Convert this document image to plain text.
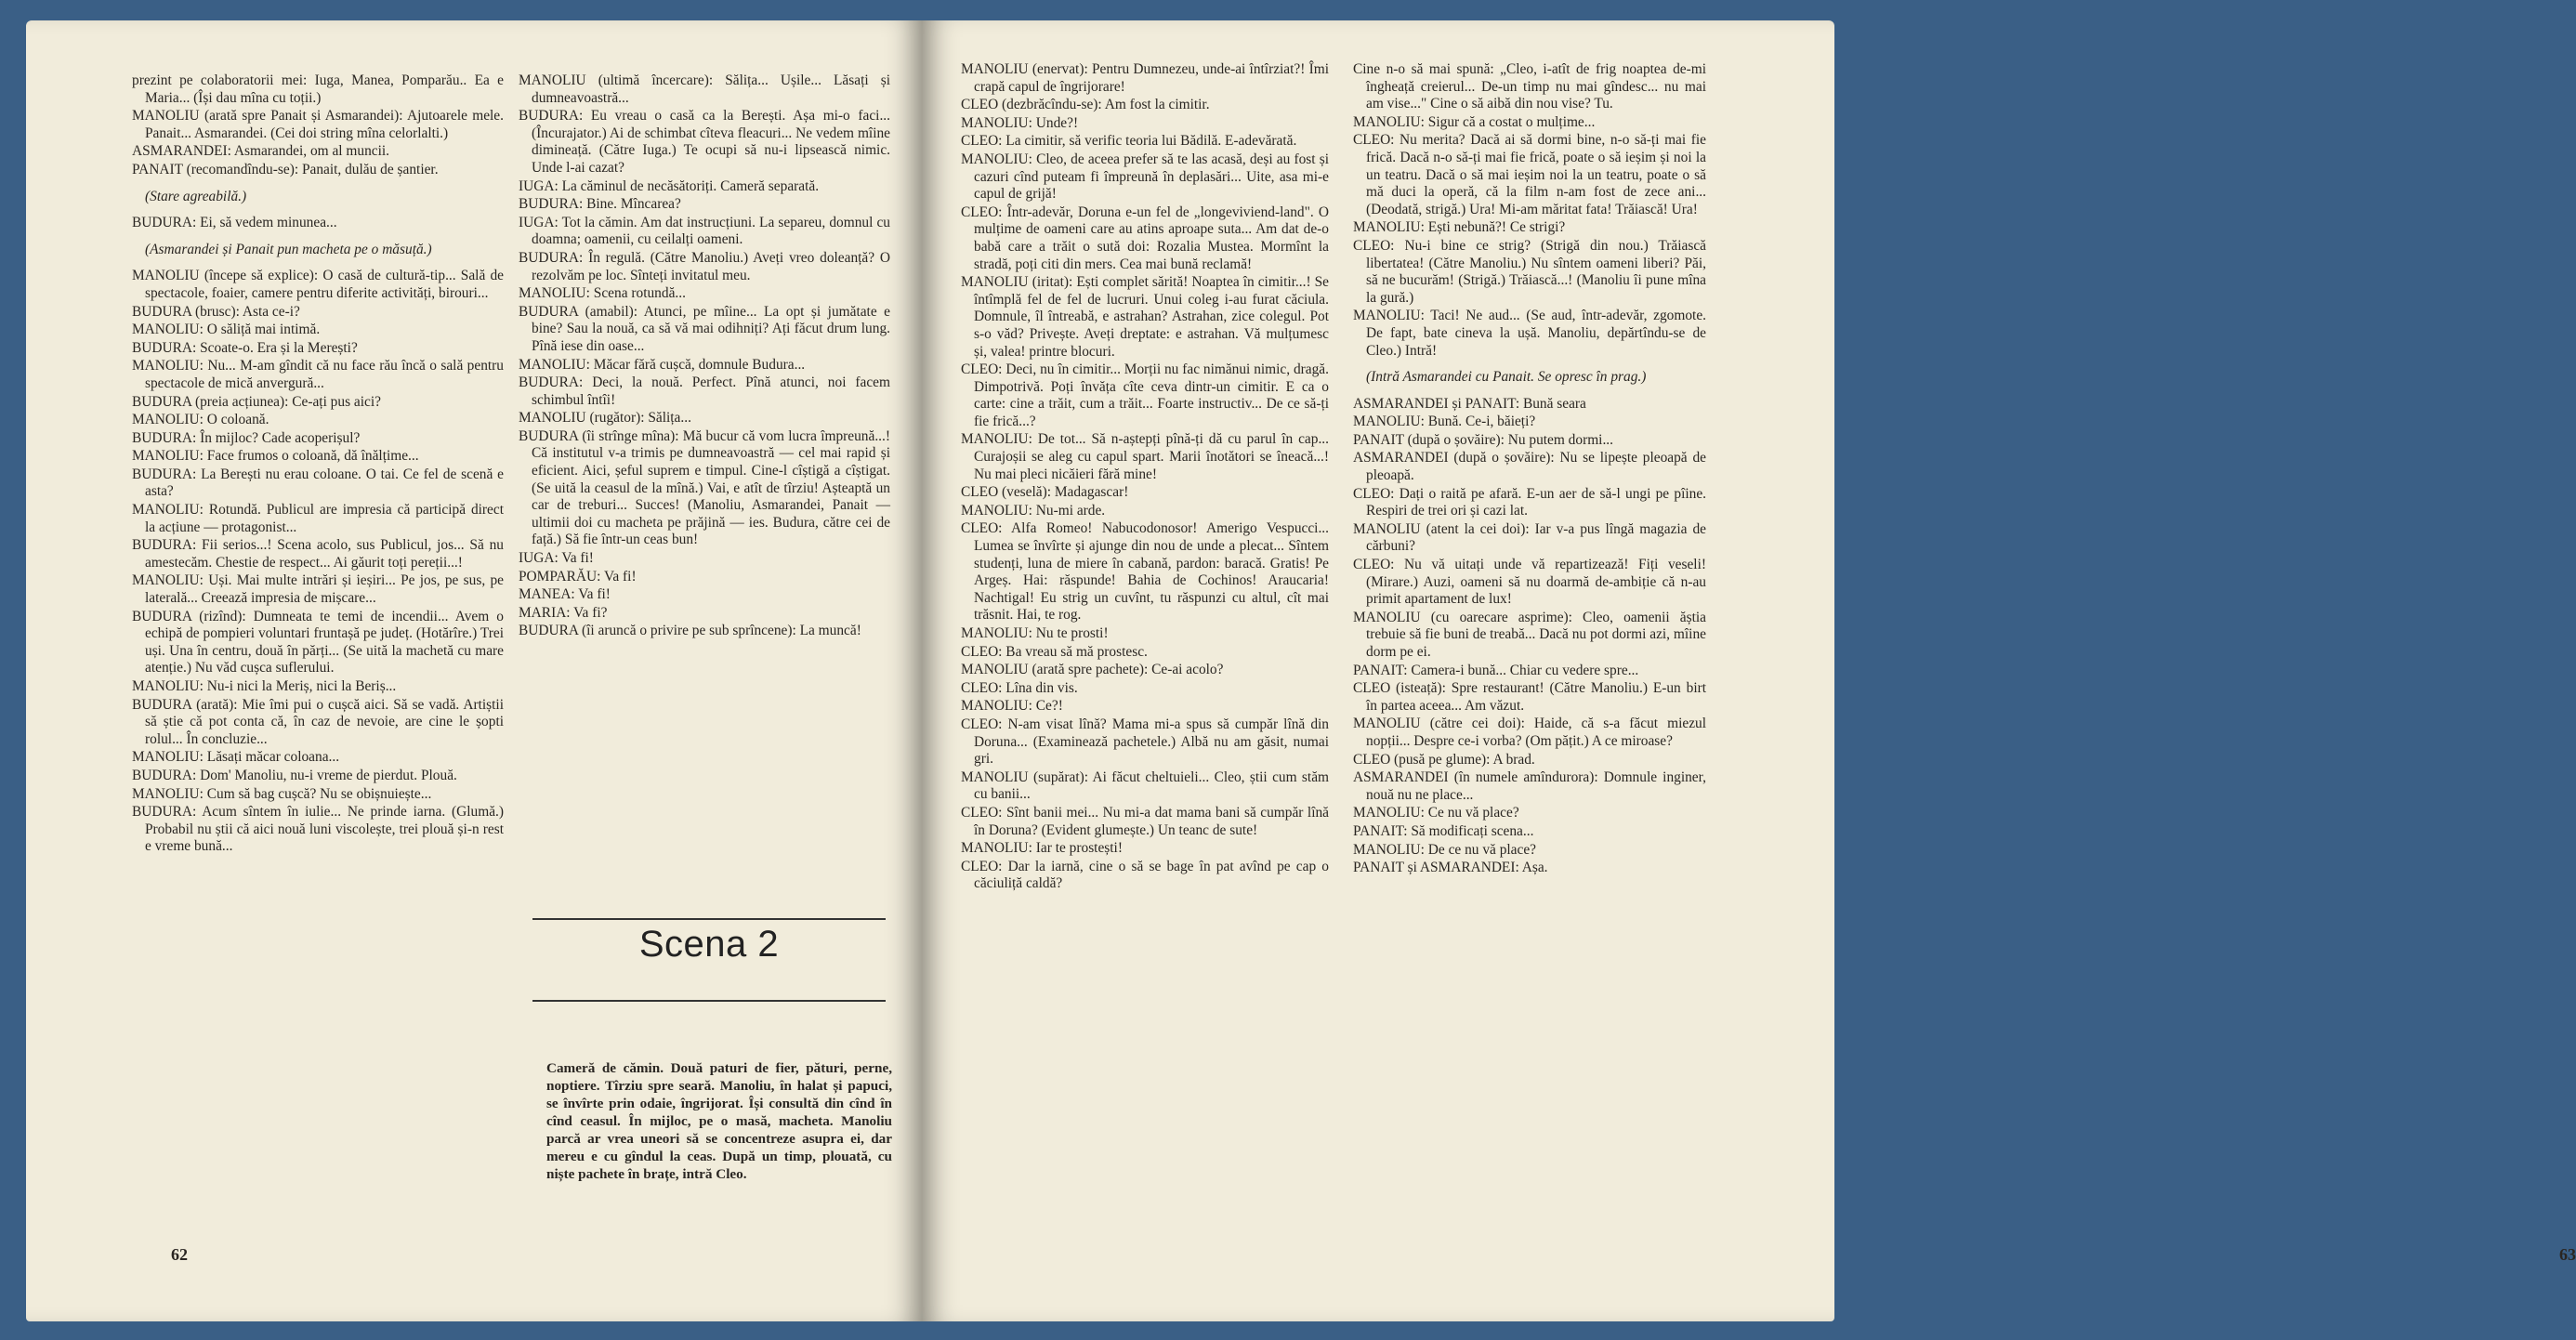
prezint pe colaboratorii mei: Iuga, Manea, Pomparău.. Ea e Maria... (Își dau mîna cu toții.)

MANOLIU (arată spre Panait și Asmarandei): Ajutoarele mele. Panait... Asmarandei. (Cei doi string mîna celorlalti.)

ASMARANDEI: Asmarandei, om al muncii.

PANAIT (recomandîndu-se): Panait, dulău de șantier.

(Stare agreabilă.)

BUDURA: Ei, să vedem minunea...

(Asmarandei și Panait pun macheta pe o măsuță.)

MANOLIU (începe să explice): O casă de cultură-tip... Sală de spectacole, foaier, camere pentru diferite activități, birouri...

BUDURA (brusc): Asta ce-i?

MANOLIU: O săliță mai intimă.

BUDURA: Scoate-o. Era și la Merești?

MANOLIU: Nu... M-am gîndit că nu face rău încă o sală pentru spectacole de mică anvergură...

BUDURA (preia acțiunea): Ce-ați pus aici?

MANOLIU: O coloană.

BUDURA: În mijloc? Cade acoperișul?

MANOLIU: Face frumos o coloană, dă înălțime...

BUDURA: La Berești nu erau coloane. O tai. Ce fel de scenă e asta?

MANOLIU: Rotundă. Publicul are impresia că participă direct la acțiune — protagonist...

BUDURA: Fii serios...! Scena acolo, sus Publicul, jos... Să nu amestecăm. Chestie de respect... Ai găurit toți pereții...!

MANOLIU: Uși. Mai multe intrări și ieșiri... Pe jos, pe sus, pe laterală... Creează impresia de mișcare...

BUDURA (rizînd): Dumneata te temi de incendii... Avem o echipă de pompieri voluntari fruntașă pe județ. (Hotărîre.) Trei uși. Una în centru, două în părți... (Se uită la machetă cu mare atenție.) Nu văd cușca suflerului.

MANOLIU: Nu-i nici la Meriș, nici la Beriș...

BUDURA (arată): Mie îmi pui o cușcă aici. Să se vadă. Artiștii să știe că pot conta că, în caz de nevoie, are cine le șopti rolul... În concluzie...

MANOLIU: Lăsați măcar coloana...

BUDURA: Dom' Manoliu, nu-i vreme de pierdut. Plouă.

MANOLIU: Cum să bag cușcă? Nu se obișnuiește...

BUDURA: Acum sîntem în iulie... Ne prinde iarna. (Glumă.) Probabil nu știi că aici nouă luni viscolește, trei plouă și-n rest e vreme bună...

MANOLIU (ultimă încercare): Sălița... Ușile... Lăsați și dumneavoastră...

BUDURA: Eu vreau o casă ca la Berești. Așa mi-o faci... (Încurajator.) Ai de schimbat cîteva fleacuri... Ne vedem mîine dimineață. (Către Iuga.) Te ocupi să nu-i lipsească nimic. Unde l-ai cazat?

IUGA: La căminul de necăsătoriți. Cameră separată.

BUDURA: Bine. Mîncarea?

IUGA: Tot la cămin. Am dat instrucțiuni. La separeu, domnul cu doamna; oamenii, cu ceilalți oameni.

BUDURA: În regulă. (Către Manoliu.) Aveți vreo doleanță? O rezolvăm pe loc. Sînteți invitatul meu.

MANOLIU: Scena rotundă...

BUDURA (amabil): Atunci, pe mîine... La opt și jumătate e bine? Sau la nouă, ca să vă mai odihniți? Ați făcut drum lung. Pînă iese din oase...

MANOLIU: Măcar fără cușcă, domnule Budura...

BUDURA: Deci, la nouă. Perfect. Pînă atunci, noi facem schimbul întîi!

MANOLIU (rugător): Sălița...

BUDURA (îi strînge mîna): Mă bucur că vom lucra împreună...! Că institutul v-a trimis pe dumneavoastră — cel mai rapid și eficient. Aici, șeful suprem e timpul. Cine-l cîștigă a cîștigat. (Se uită la ceasul de la mînă.) Vai, e atît de tîrziu! Așteaptă un car de treburi... Succes! (Manoliu, Asmarandei, Panait — ultimii doi cu macheta pe prăjină — ies. Budura, către cei de față.) Să fie într-un ceas bun!

IUGA: Va fi!

POMPARĂU: Va fi!

MANEA: Va fi!

MARIA: Va fi?

BUDURA (îi aruncă o privire pe sub sprîncene): La muncă!

Scena 2
Cameră de cămin. Două paturi de fier, pături, perne, noptiere. Tîrziu spre seară. Manoliu, în halat și papuci, se învîrte prin odaie, îngrijorat. Își consultă din cînd în cînd ceasul. În mijloc, pe o masă, macheta. Manoliu parcă ar vrea uneori să se concentreze asupra ei, dar mereu e cu gîndul la ceas. După un timp, plouată, cu niște pachete în brațe, intră Cleo.
62

MANOLIU (enervat): Pentru Dumnezeu, unde-ai întîrziat?! Îmi crapă capul de îngrijorare!

CLEO (dezbrăcîndu-se): Am fost la cimitir.

MANOLIU: Unde?!

CLEO: La cimitir, să verific teoria lui Bădilă. E-adevărată.

MANOLIU: Cleo, de aceea prefer să te las acasă, deși au fost și cazuri cînd puteam fi împreună în deplasări... Uite, asa mi-e capul de grijă!

CLEO: Într-adevăr, Doruna e-un fel de „longeviviend-land". O mulțime de oameni care au atins aproape suta... Am dat de-o babă care a trăit o sută doi: Rozalia Mustea. Mormînt la stradă, poți citi din mers. Cea mai bună reclamă!

MANOLIU (iritat): Ești complet sărită! Noaptea în cimitir...! Se întîmplă fel de fel de lucruri. Unui coleg i-au furat căciula. Domnule, îl întreabă, e astrahan? Astrahan, zice colegul. Pot s-o văd? Privește. Aveți dreptate: e astrahan. Vă mulțumesc și, valea! printre blocuri.

CLEO: Deci, nu în cimitir... Morții nu fac nimănui nimic, dragă. Dimpotrivă. Poți învăța cîte ceva dintr-un cimitir. E ca o carte: cine a trăit, cum a trăit... Foarte instructiv... De ce să-ți fie frică...?

MANOLIU: De tot... Să n-aștepți pînă-ți dă cu parul în cap... Curajoșii se aleg cu capul spart. Marii înotători se îneacă...! Nu mai pleci nicăieri fără mine!

CLEO (veselă): Madagascar!

MANOLIU: Nu-mi arde.

CLEO: Alfa Romeo! Nabucodonosor! Amerigo Vespucci... Lumea se învîrte și ajunge din nou de unde a plecat... Sîntem studenți, luna de miere în cabană, pardon: baracă. Gratis! Pe Argeș. Hai: răspunde! Bahia de Cochinos! Araucaria! Nachtigal! Eu strig un cuvînt, tu răspunzi cu altul, cît mai trăsnit. Hai, te rog.

MANOLIU: Nu te prosti!

CLEO: Ba vreau să mă prostesc.

MANOLIU (arată spre pachete): Ce-ai acolo?

CLEO: Lîna din vis.

MANOLIU: Ce?!

CLEO: N-am visat lînă? Mama mi-a spus să cumpăr lînă din Doruna... (Examinează pachetele.) Albă nu am găsit, numai gri.

MANOLIU (supărat): Ai făcut cheltuieli... Cleo, știi cum stăm cu banii...

CLEO: Sînt banii mei... Nu mi-a dat mama bani să cumpăr lînă în Doruna? (Evident glumește.) Un teanc de sute!

MANOLIU: Iar te prostești!

CLEO: Dar la iarnă, cine o să se bage în pat avînd pe cap o căciuliță caldă?

Cine n-o să mai spună: „Cleo, i-atît de frig noaptea de-mi îngheață creierul... De-un timp nu mai gîndesc... nu mai am vise..." Cine o să aibă din nou vise? Tu.

MANOLIU: Sigur că a costat o mulțime...

CLEO: Nu merita? Dacă ai să dormi bine, n-o să-ți mai fie frică. Dacă n-o să-ți mai fie frică, poate o să ieșim și noi la un teatru. Dacă o să mai ieșim noi la un teatru, poate o să mă duci la operă, că la film n-am fost de zece ani... (Deodată, strigă.) Ura! Mi-am măritat fata! Trăiască! Ura!

MANOLIU: Ești nebună?! Ce strigi?

CLEO: Nu-i bine ce strig? (Strigă din nou.) Trăiască libertatea! (Către Manoliu.) Nu sîntem oameni liberi? Păi, să ne bucurăm! (Strigă.) Trăiască...! (Manoliu îi pune mîna la gură.)

MANOLIU: Taci! Ne aud... (Se aud, într-adevăr, zgomote. De fapt, bate cineva la ușă. Manoliu, depărtîndu-se de Cleo.) Intră!

(Intră Asmarandei cu Panait. Se opresc în prag.)

ASMARANDEI și PANAIT: Bună seara

MANOLIU: Bună. Ce-i, băieți?

PANAIT (după o șovăire): Nu putem dormi...

ASMARANDEI (după o șovăire): Nu se lipește pleoapă de pleoapă.

CLEO: Dați o raită pe afară. E-un aer de să-l ungi pe pîine. Respiri de trei ori și cazi lat.

MANOLIU (atent la cei doi): Iar v-a pus lîngă magazia de cărbuni?

CLEO: Nu vă uitați unde vă repartizează! Fiți veseli! (Mirare.) Auzi, oameni să nu doarmă de-ambiție că n-au primit apartament de lux!

MANOLIU (cu oarecare asprime): Cleo, oamenii ăștia trebuie să fie buni de treabă... Dacă nu pot dormi azi, mîine dorm pe ei.

PANAIT: Camera-i bună... Chiar cu vedere spre...

CLEO (isteață): Spre restaurant! (Către Manoliu.) E-un birt în partea aceea... Am văzut.

MANOLIU (către cei doi): Haide, că s-a făcut miezul nopții... Despre ce-i vorba? (Om pățit.) A ce miroase?

CLEO (pusă pe glume): A brad.

ASMARANDEI (în numele amîndurora): Domnule inginer, nouă nu ne place...

MANOLIU: Ce nu vă place?

PANAIT: Să modificați scena...

MANOLIU: De ce nu vă place?

PANAIT și ASMARANDEI: Așa.

63
